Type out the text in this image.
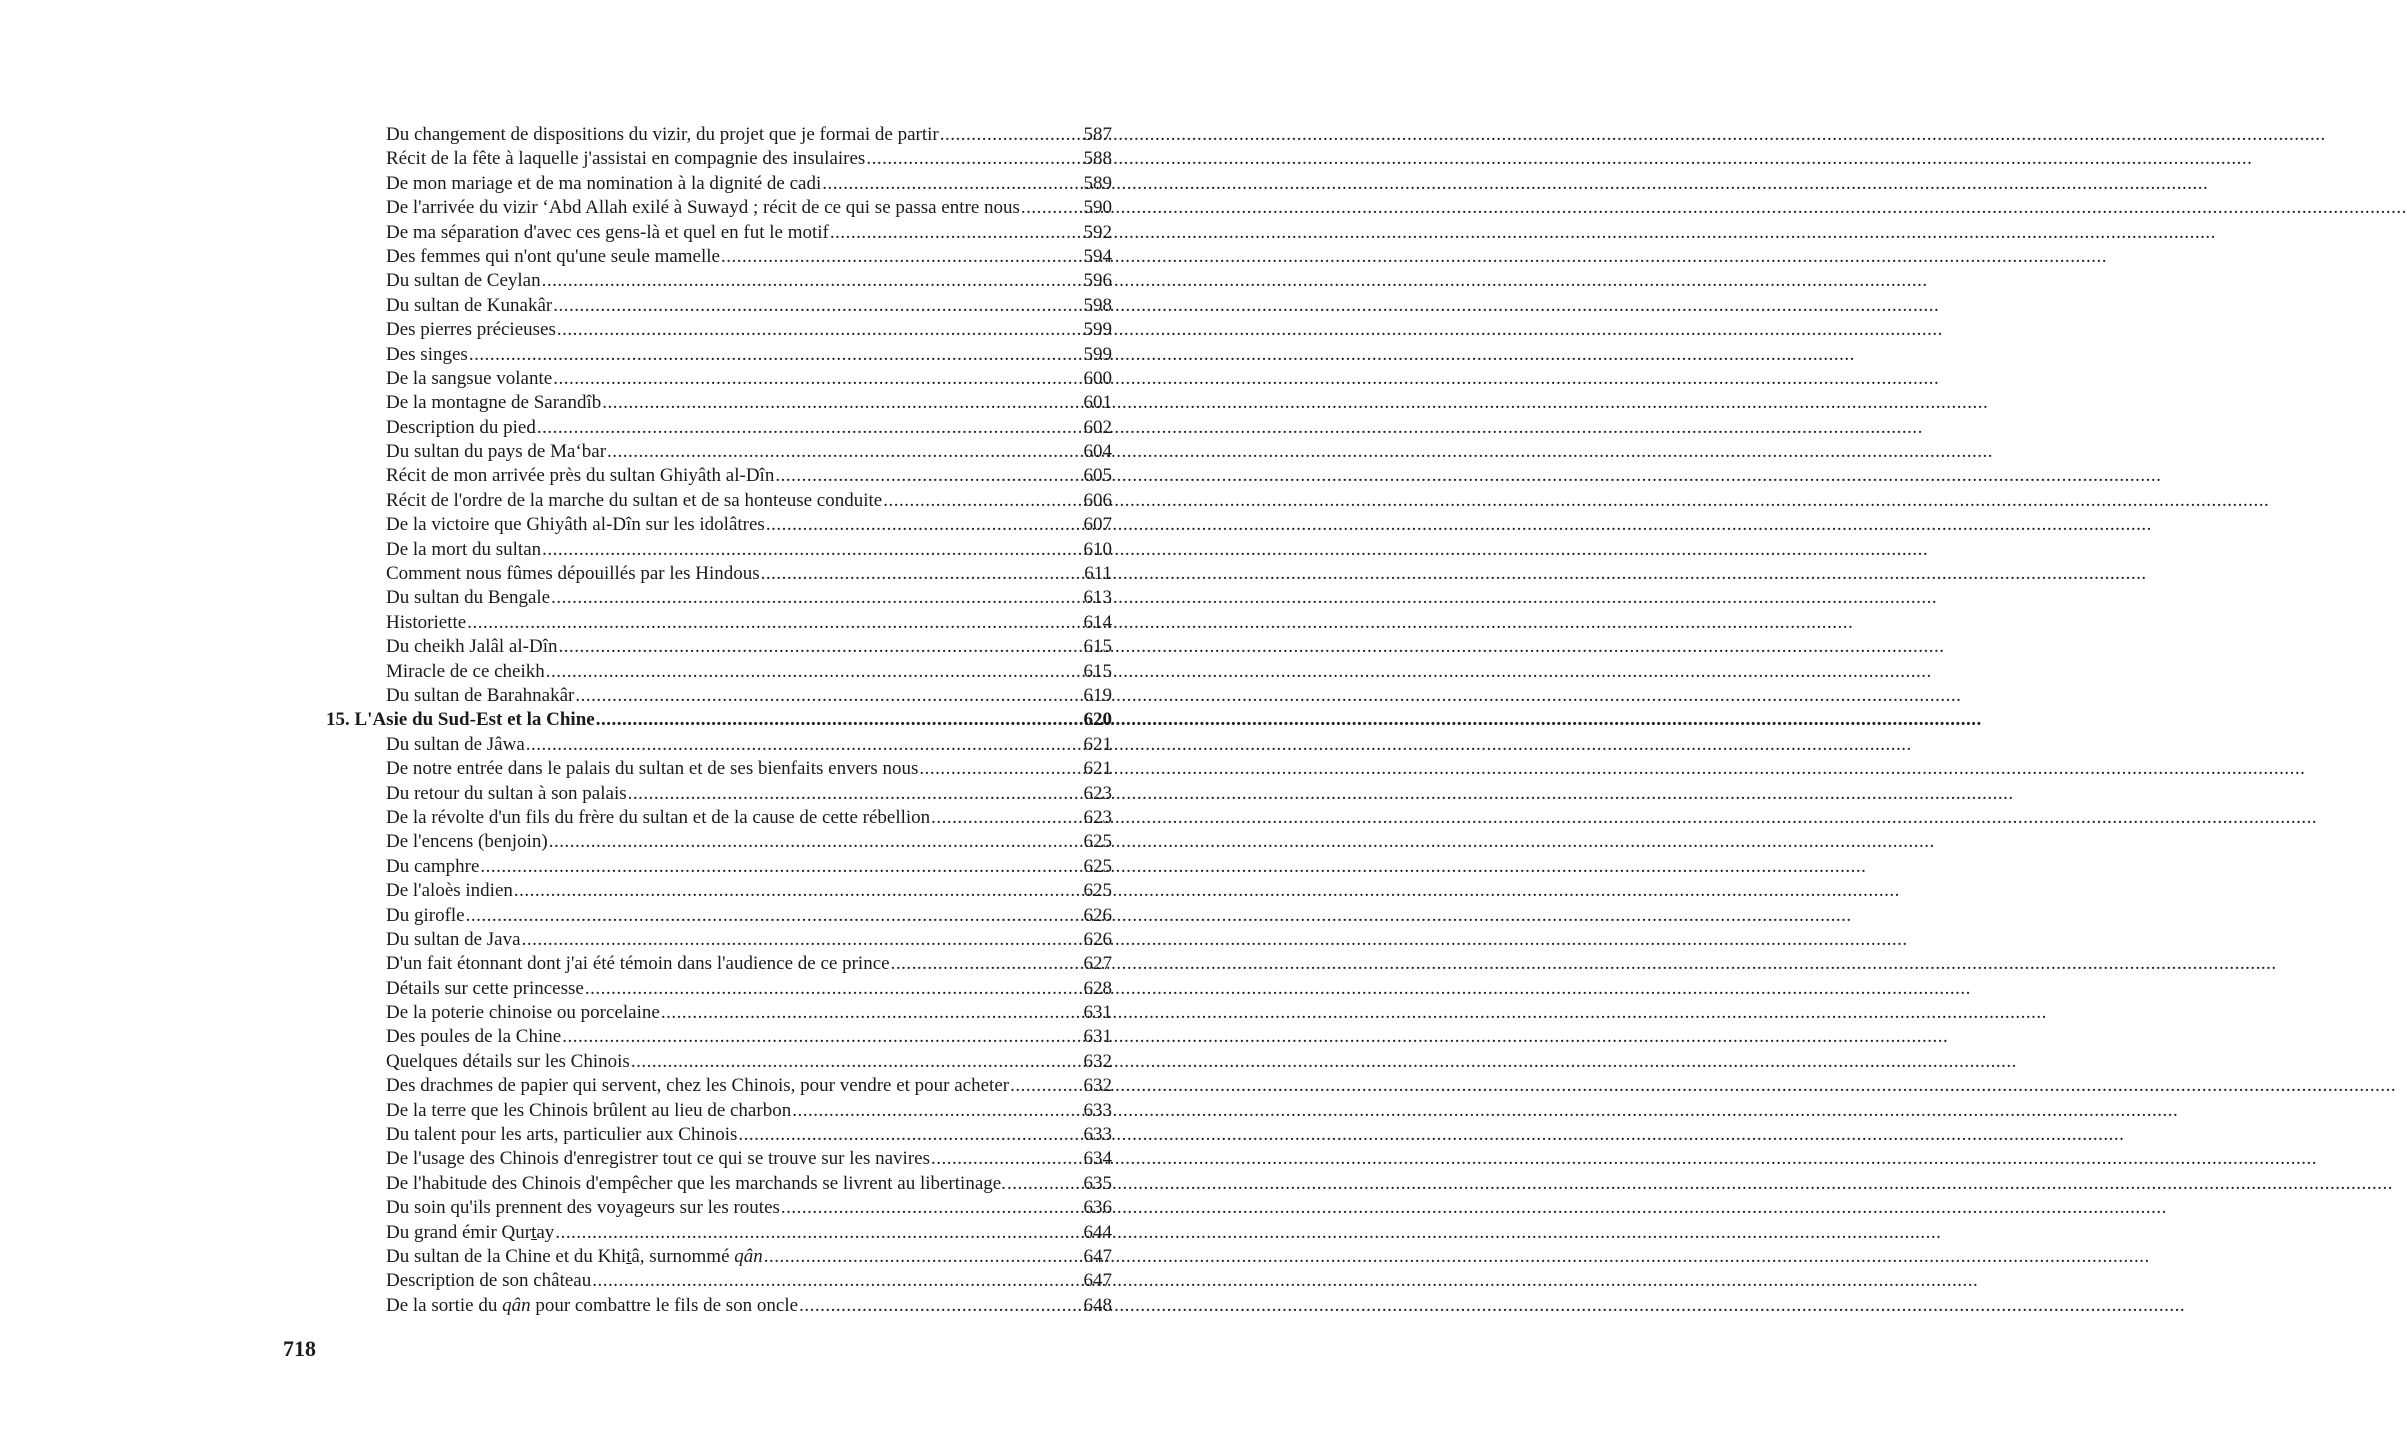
Du changement de dispositions du vizir, du projet que je formai de partir .....	587
Récit de la fête à laquelle j'assistai en compagnie des insulaires .....	588
De mon mariage et de ma nomination à la dignité de cadi .....	589
De l'arrivée du vizir ‘Abd Allah exilé à Suwayd ; récit de ce qui se passa entre nous .....	590
De ma séparation d'avec ces gens-là et quel en fut le motif .....	592
Des femmes qui n'ont qu'une seule mamelle .....	594
Du sultan de Ceylan .....	596
Du sultan de Kunakâr .....	598
Des pierres précieuses .....	599
Des singes .....	599
De la sangsue volante .....	600
De la montagne de Sarandîb .....	601
Description du pied .....	602
Du sultan du pays de Ma‘bar .....	604
Récit de mon arrivée près du sultan Ghiyâth al-Dîn .....	605
Récit de l'ordre de la marche du sultan et de sa honteuse conduite .....	606
De la victoire que Ghiyâth al-Dîn sur les idolâtres .....	607
De la mort du sultan .....	610
Comment nous fûmes dépouillés par les Hindous .....	611
Du sultan du Bengale .....	613
Historiette .....	614
Du cheikh Jalâl al-Dîn .....	615
Miracle de ce cheikh .....	615
Du sultan de Barahnakâr .....	619
15. L'Asie du Sud-Est et la Chine .....	620
Du sultan de Jâwa .....	621
De notre entrée dans le palais du sultan et de ses bienfaits envers nous .....	621
Du retour du sultan à son palais .....	623
De la révolte d'un fils du frère du sultan et de la cause de cette rébellion .....	623
De l'encens (benjoin) .....	625
Du camphre .....	625
De l'aloès indien .....	625
Du girofle .....	626
Du sultan de Java .....	626
D'un fait étonnant dont j'ai été témoin dans l'audience de ce prince .....	627
Détails sur cette princesse .....	628
De la poterie chinoise ou porcelaine .....	631
Des poules de la Chine .....	631
Quelques détails sur les Chinois .....	632
Des drachmes de papier qui servent, chez les Chinois, pour vendre et pour acheter .....	632
De la terre que les Chinois brûlent au lieu de charbon .....	633
Du talent pour les arts, particulier aux Chinois .....	633
De l'usage des Chinois d'enregistrer tout ce qui se trouve sur les navires .....	634
De l'habitude des Chinois d'empêcher que les marchands se livrent au libertinage. .....	635
Du soin qu'ils prennent des voyageurs sur les routes .....	636
Du grand émir Qurṯay .....	644
Du sultan de la Chine et du Khiṯâ, surnommé qân .....	647
Description de son château .....	647
De la sortie du qân pour combattre le fils de son oncle .....	648
718
